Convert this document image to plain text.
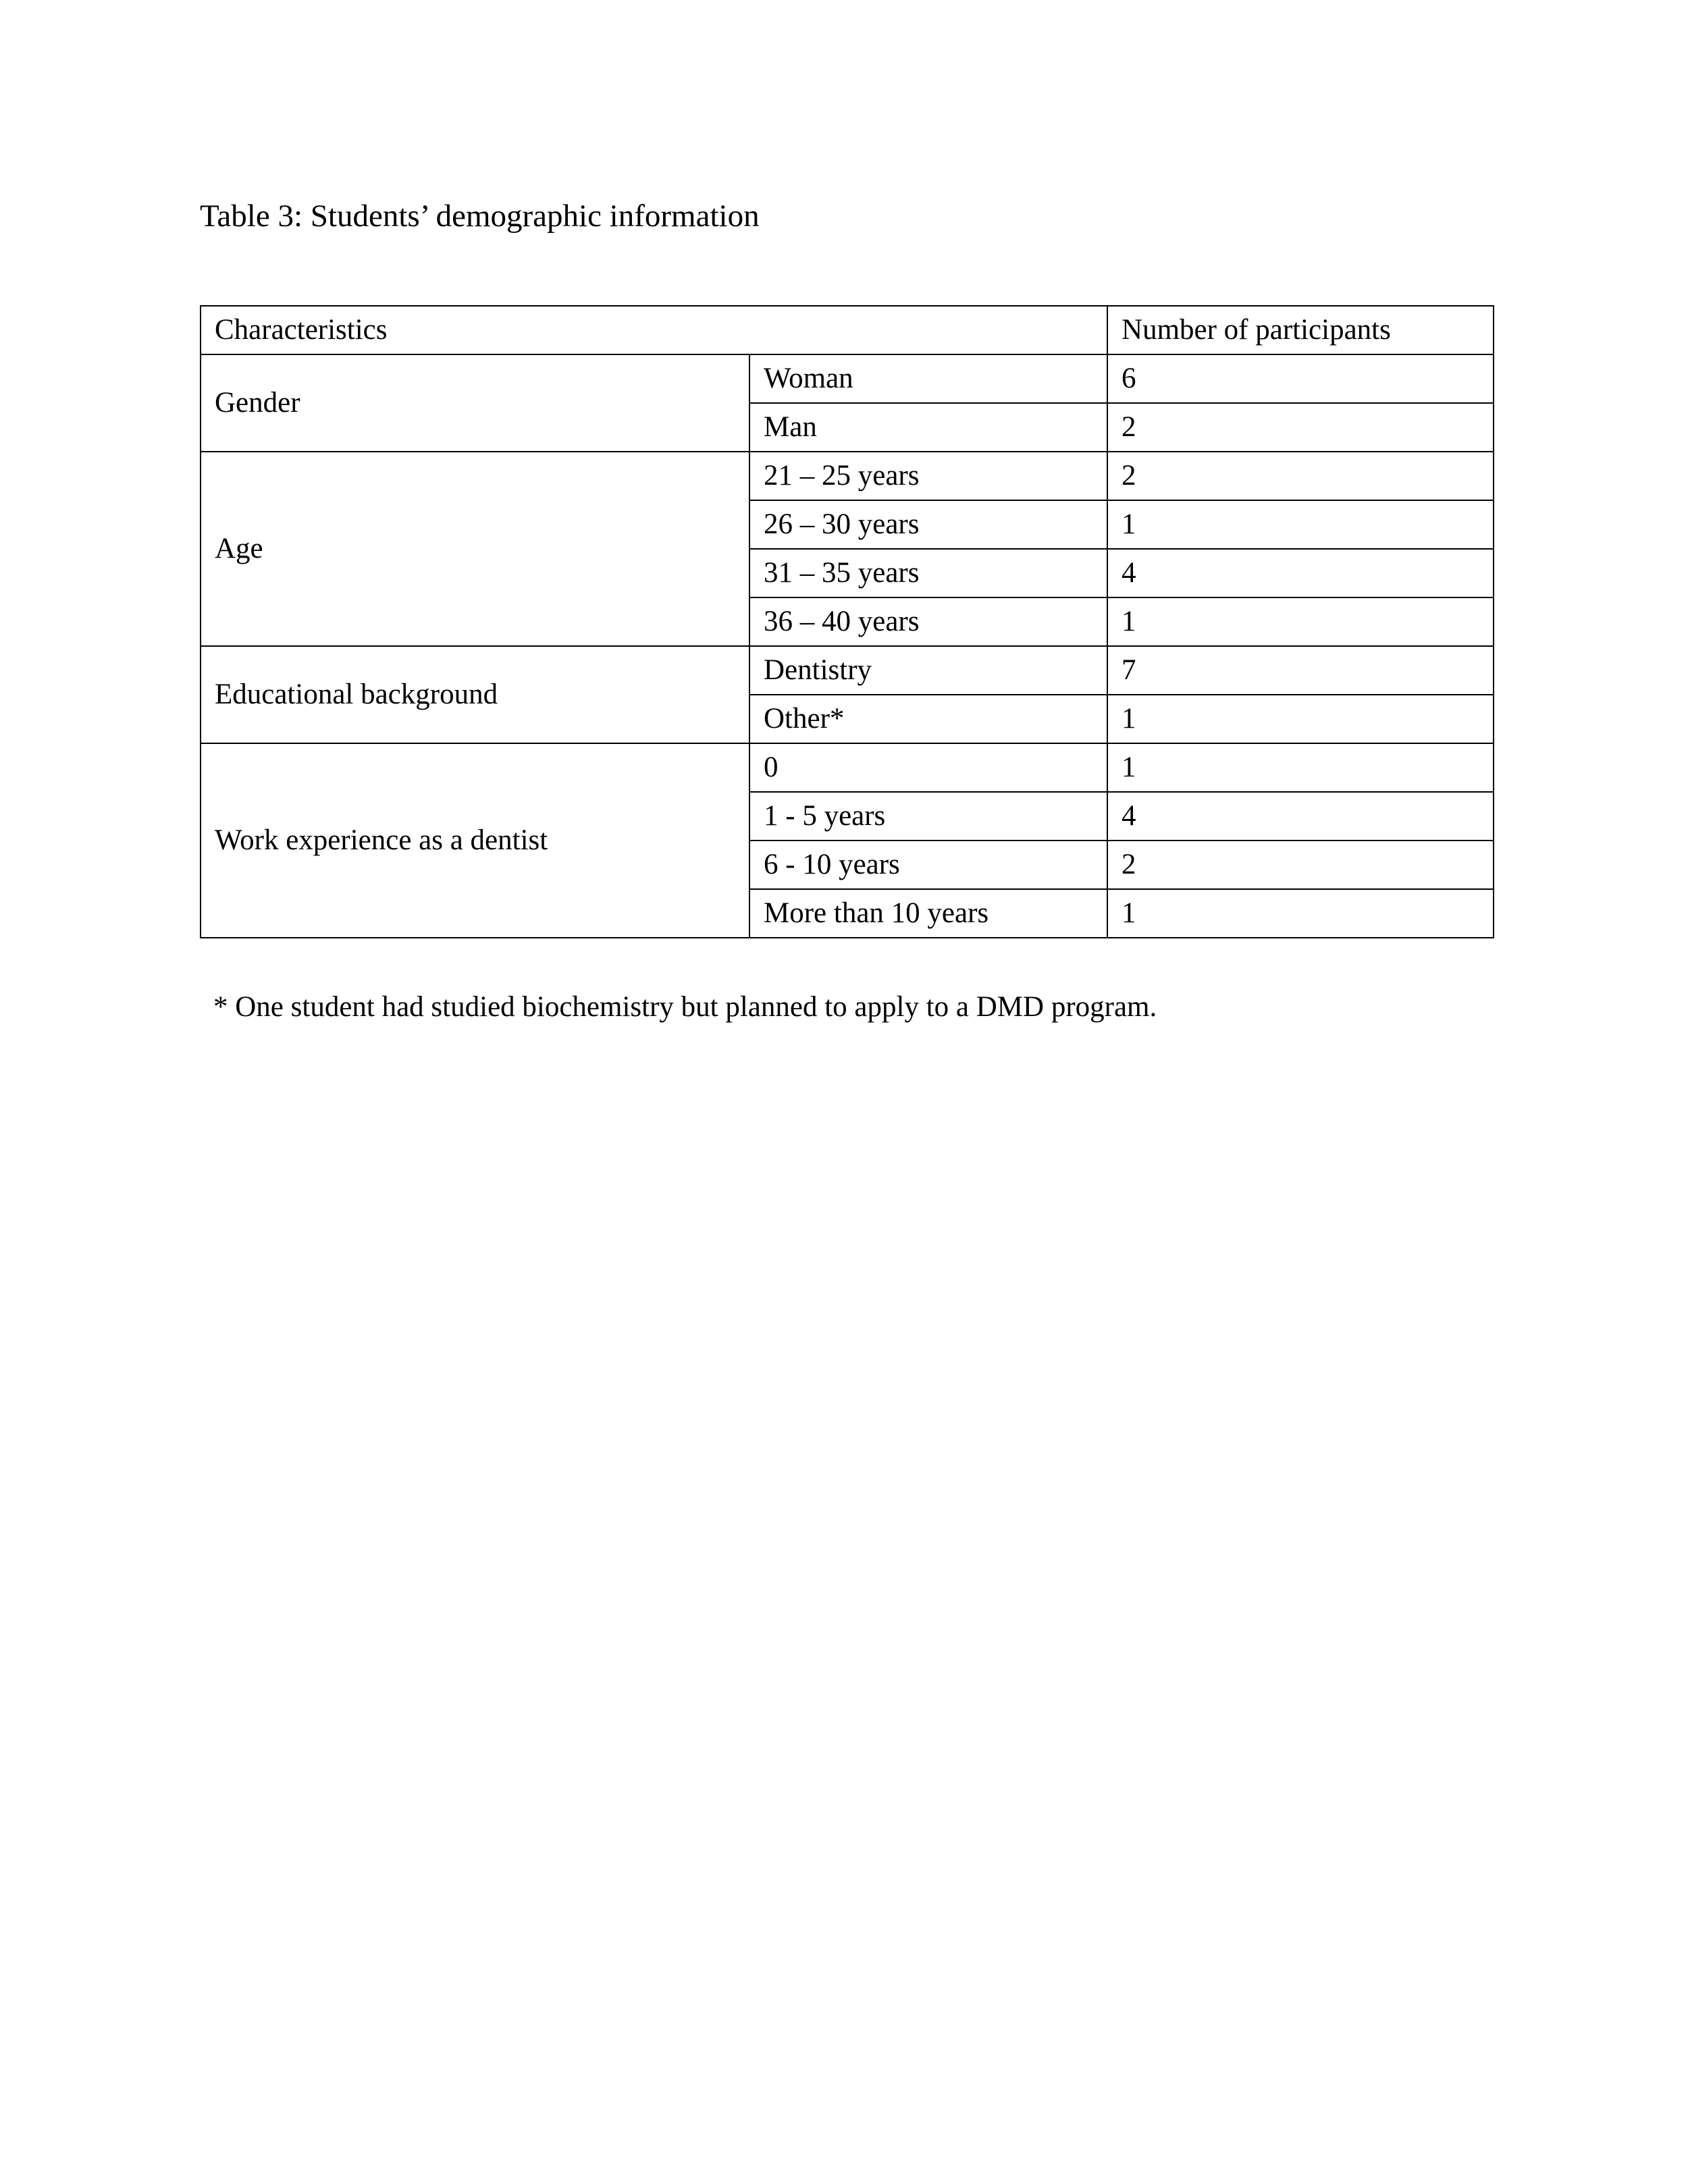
Table 3: Students’ demographic information
Characteristics		Number of participants
Gender	Woman	6
	Man	2
Age	21 – 25 years	2
	26 – 30 years	1
	31 – 35 years	4
	36 – 40 years	1
Educational background	Dentistry	7
	Other*	1
Work experience as a dentist	0	1
	1 - 5 years	4
	6 - 10 years	2
	More than 10 years	1
* One student had studied biochemistry but planned to apply to a DMD program.
